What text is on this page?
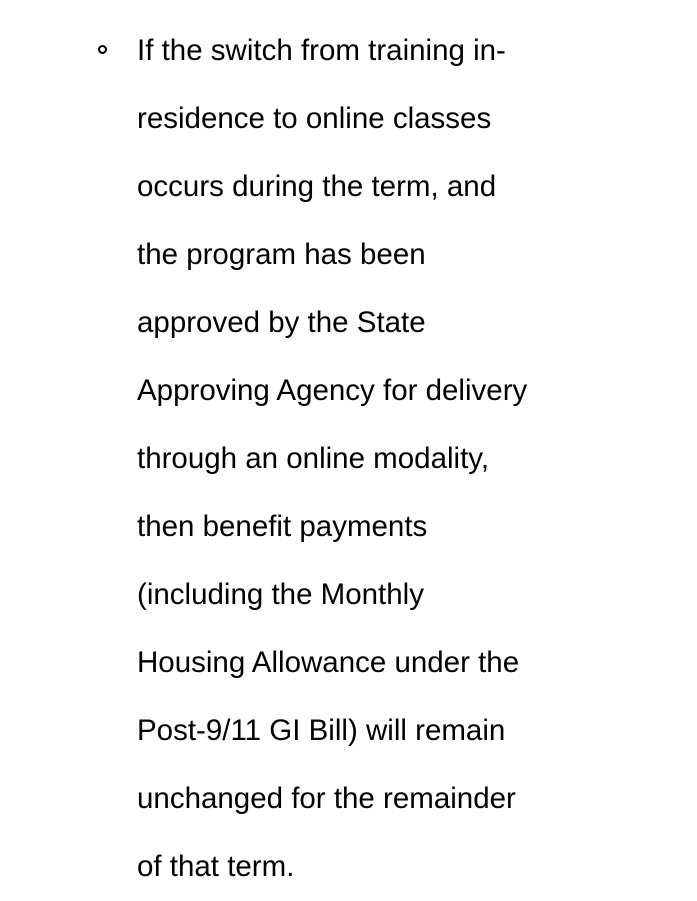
If the switch from training in-
residence to online classes
occurs during the term, and
the program has been
approved by the State
Approving Agency for delivery
through an online modality,
then benefit payments
(including the Monthly
Housing Allowance under the
Post-9/11 GI Bill) will remain
unchanged for the remainder
of that term.
